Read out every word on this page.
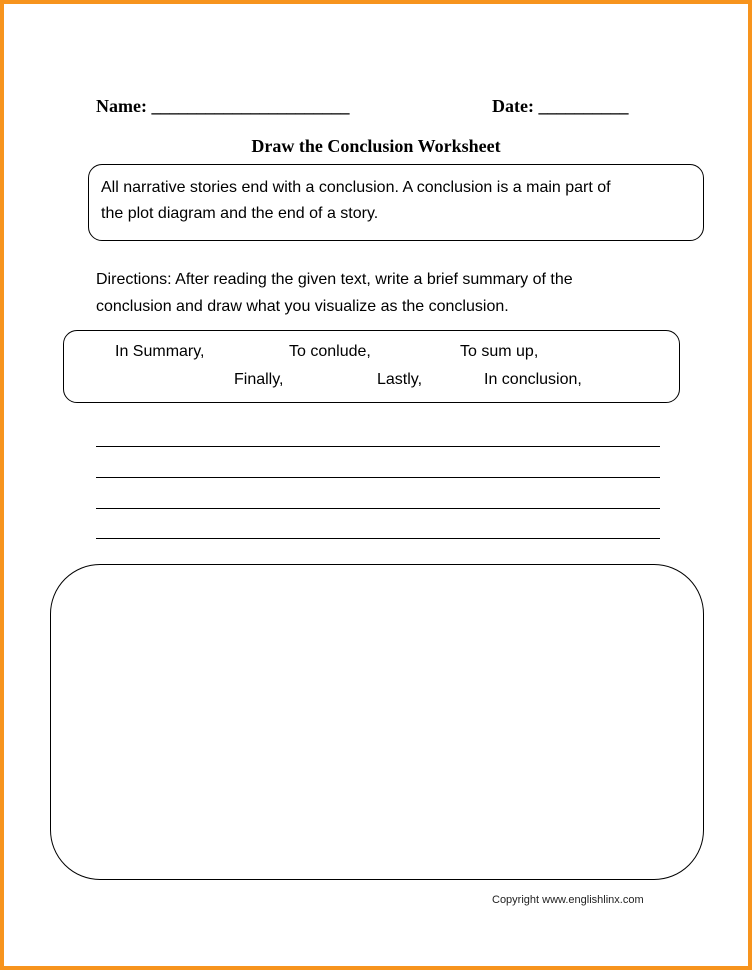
Name: ______________________	Date: __________
Draw the Conclusion Worksheet
All narrative stories end with a conclusion. A conclusion is a main part of
the plot diagram and the end of a story.
Directions: After reading the given text, write a brief summary of the
conclusion and draw what you visualize as the conclusion.
In Summary,	To conlude,	To sum up,
Finally,	Lastly,	In conclusion,
Copyright www.englishlinx.com
